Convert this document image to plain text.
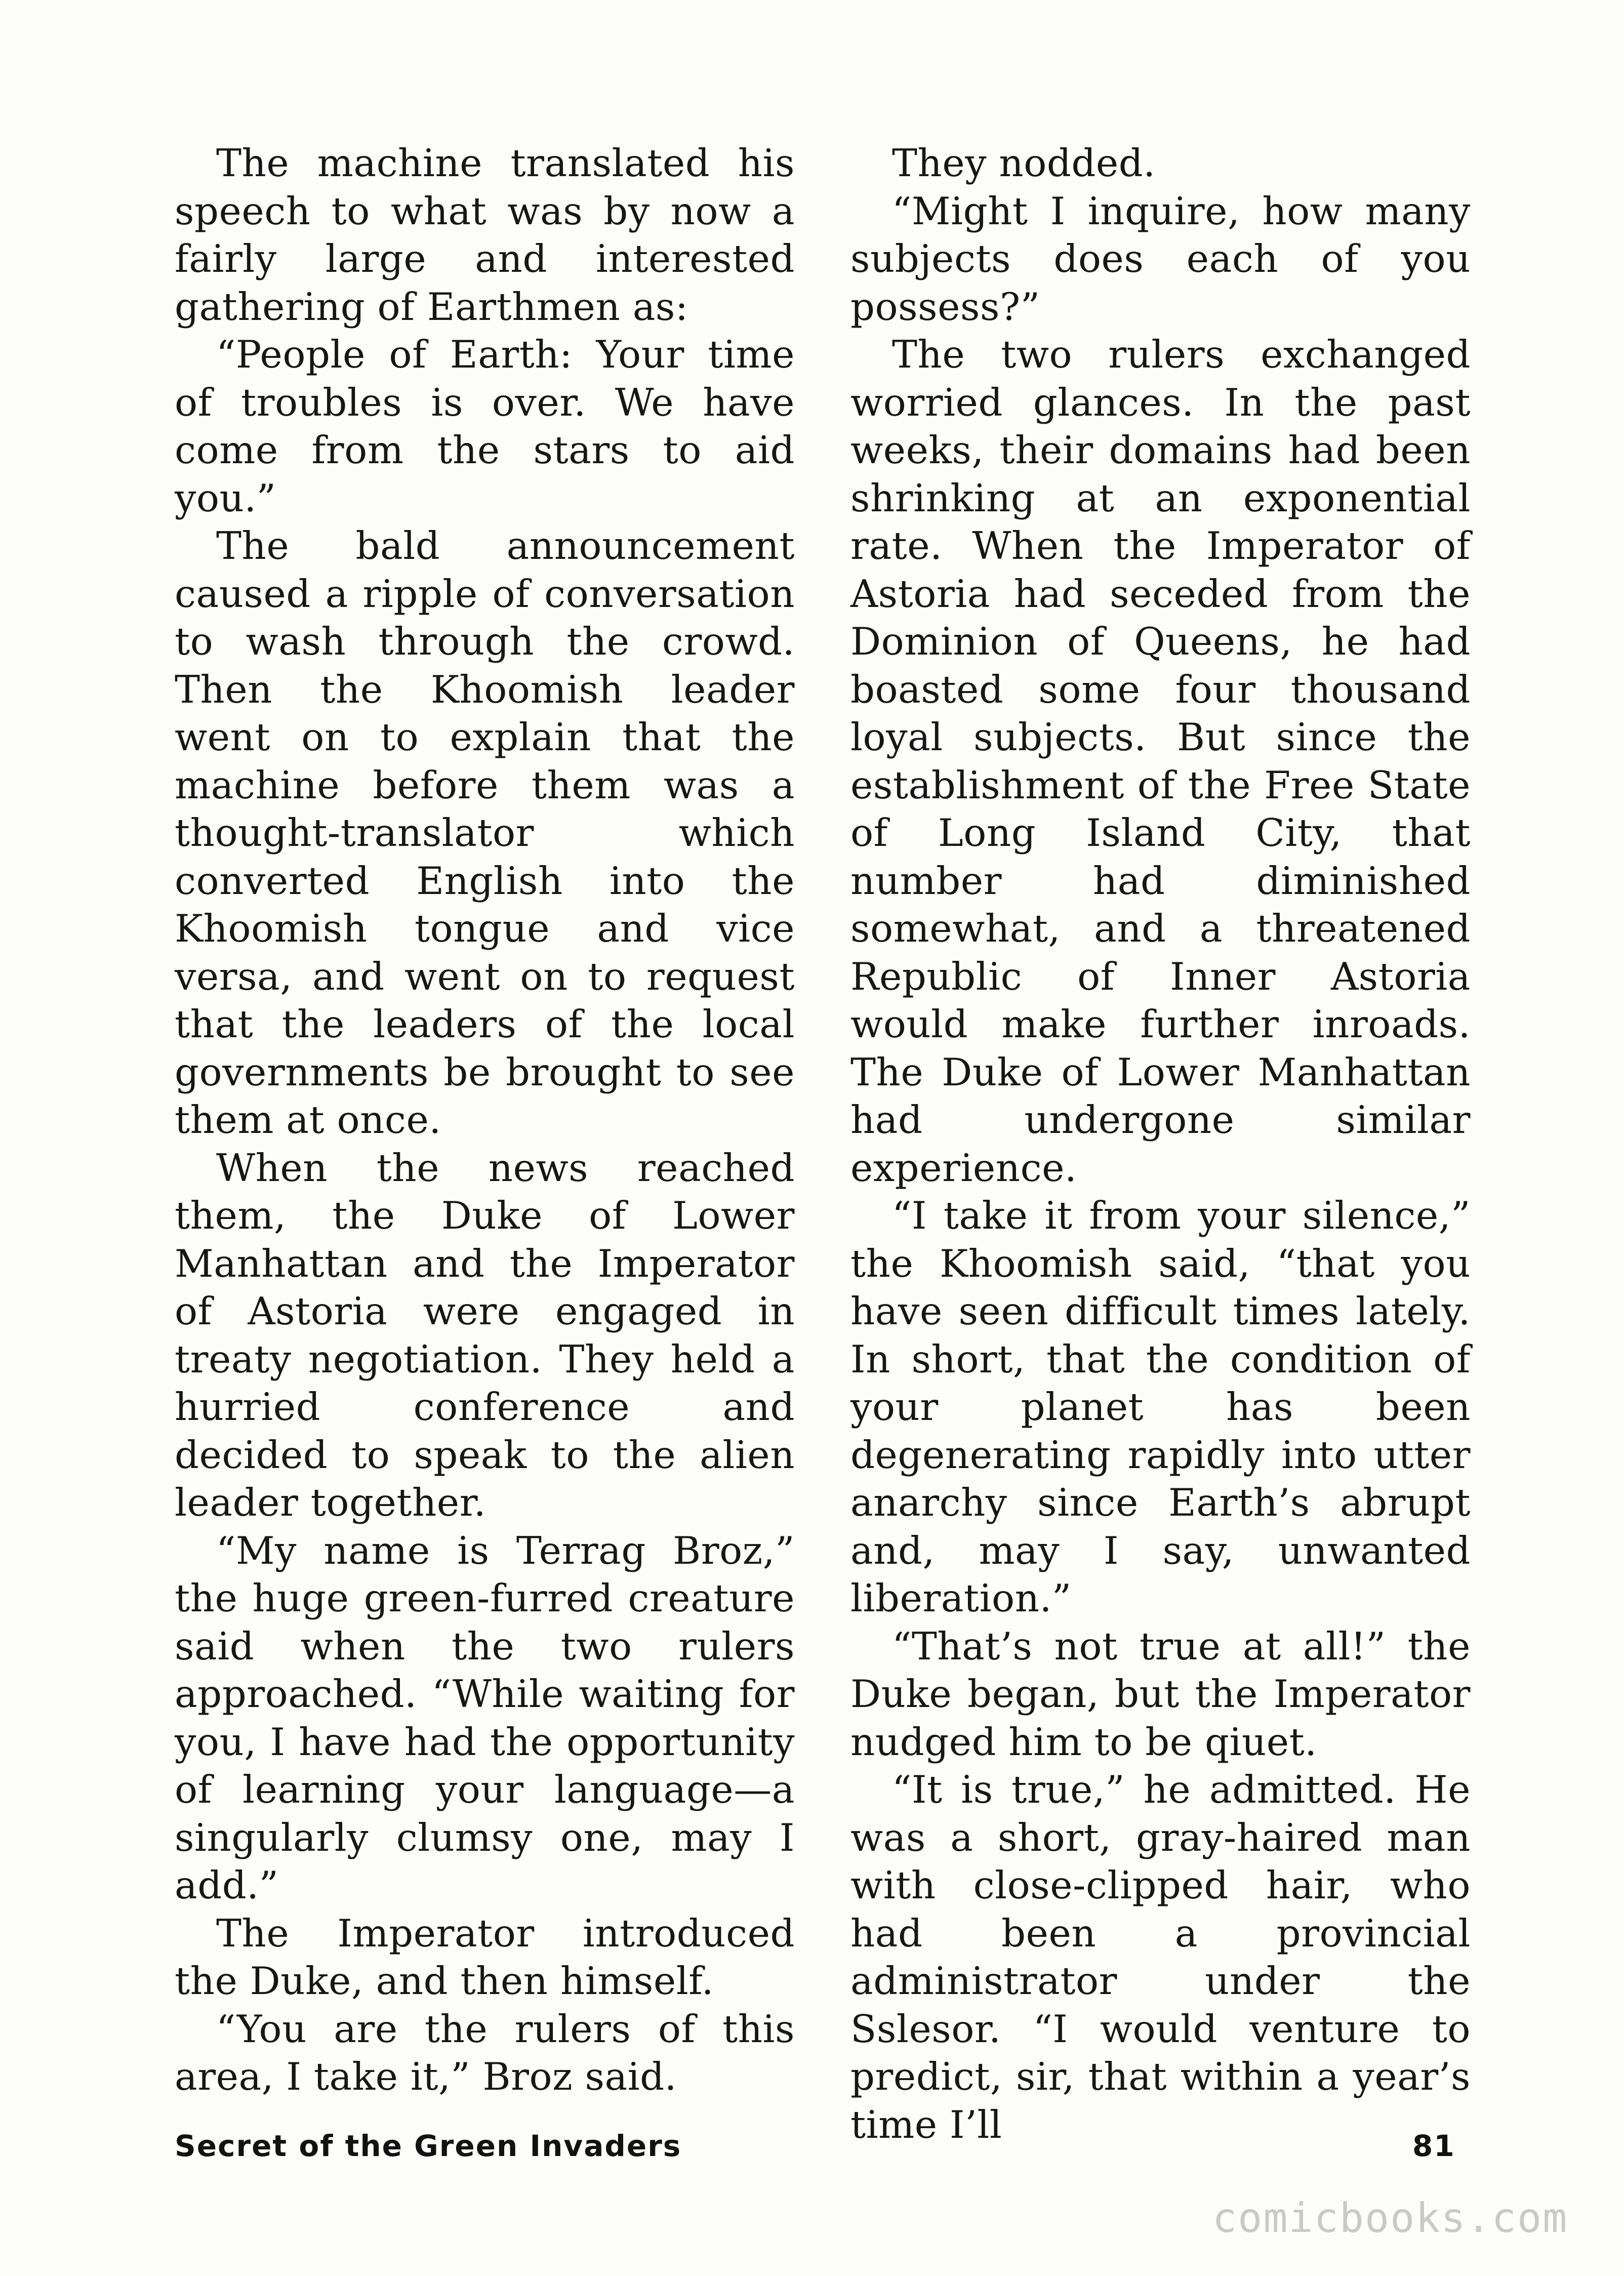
The machine translated his speech to what was by now a fairly large and interested gathering of Earthmen as:

“People of Earth: Your time of troubles is over. We have come from the stars to aid you.”

The bald announcement caused a ripple of conversation to wash through the crowd. Then the Khoomish leader went on to explain that the machine before them was a thought-translator which converted English into the Khoomish tongue and vice versa, and went on to request that the leaders of the local governments be brought to see them at once.

When the news reached them, the Duke of Lower Manhattan and the Imperator of Astoria were engaged in treaty negotiation. They held a hurried conference and decided to speak to the alien leader together.

“My name is Terrag Broz,” the huge green-furred creature said when the two rulers approached. “While waiting for you, I have had the opportunity of learning your language—a singularly clumsy one, may I add.”

The Imperator introduced the Duke, and then himself.

“You are the rulers of this area, I take it,” Broz said.

They nodded.

“Might I inquire, how many subjects does each of you possess?”

The two rulers exchanged worried glances. In the past weeks, their domains had been shrinking at an exponential rate. When the Imperator of Astoria had seceded from the Dominion of Queens, he had boasted some four thousand loyal subjects. But since the establishment of the Free State of Long Island City, that number had diminished somewhat, and a threatened Republic of Inner Astoria would make further inroads. The Duke of Lower Manhattan had undergone similar experience.

“I take it from your silence,” the Khoomish said, “that you have seen difficult times lately. In short, that the condition of your planet has been degenerating rapidly into utter anarchy since Earth’s abrupt and, may I say, unwanted liberation.”

“That’s not true at all!” the Duke began, but the Imperator nudged him to be qiuet.

“It is true,” he admitted. He was a short, gray-haired man with close-clipped hair, who had been a provincial administrator under the Sslesor. “I would venture to predict, sir, that within a year’s time I’ll

Secret of the Green Invaders	81
comicbooks.com
